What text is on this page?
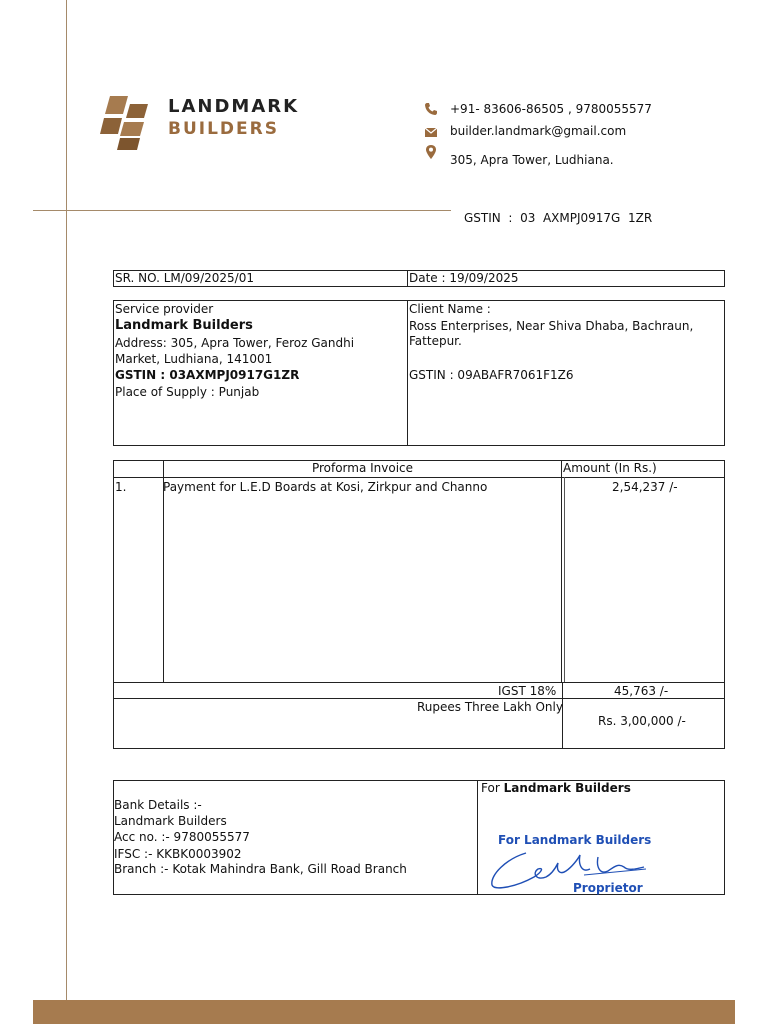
LANDMARK
BUILDERS
+91- 83606-86505 , 9780055577
builder.landmark@gmail.com
305, Apra Tower, Ludhiana.
GSTIN  :  03  AXMPJ0917G  1ZR
SR. NO. LM/09/2025/01	Date : 19/09/2025
Service provider
Landmark Builders
Address: 305, Apra Tower, Feroz Gandhi
Market, Ludhiana, 141001
GSTIN : 03AXMPJ0917G1ZR
Place of Supply : Punjab
Client Name :
Ross Enterprises, Near Shiva Dhaba, Bachraun,
Fattepur.
GSTIN : 09ABAFR7061F1Z6
Proforma Invoice	Amount (In Rs.)
1.	Payment for L.E.D Boards at Kosi, Zirkpur and Channo	2,54,237 /-
IGST 18%	45,763 /-
Rupees Three Lakh Only
Rs. 3,00,000 /-
Bank Details :-
Landmark Builders
Acc no. :- 9780055577
IFSC :- KKBK0003902
Branch :- Kotak Mahindra Bank, Gill Road Branch
For Landmark Builders
For Landmark Builders
Proprietor
